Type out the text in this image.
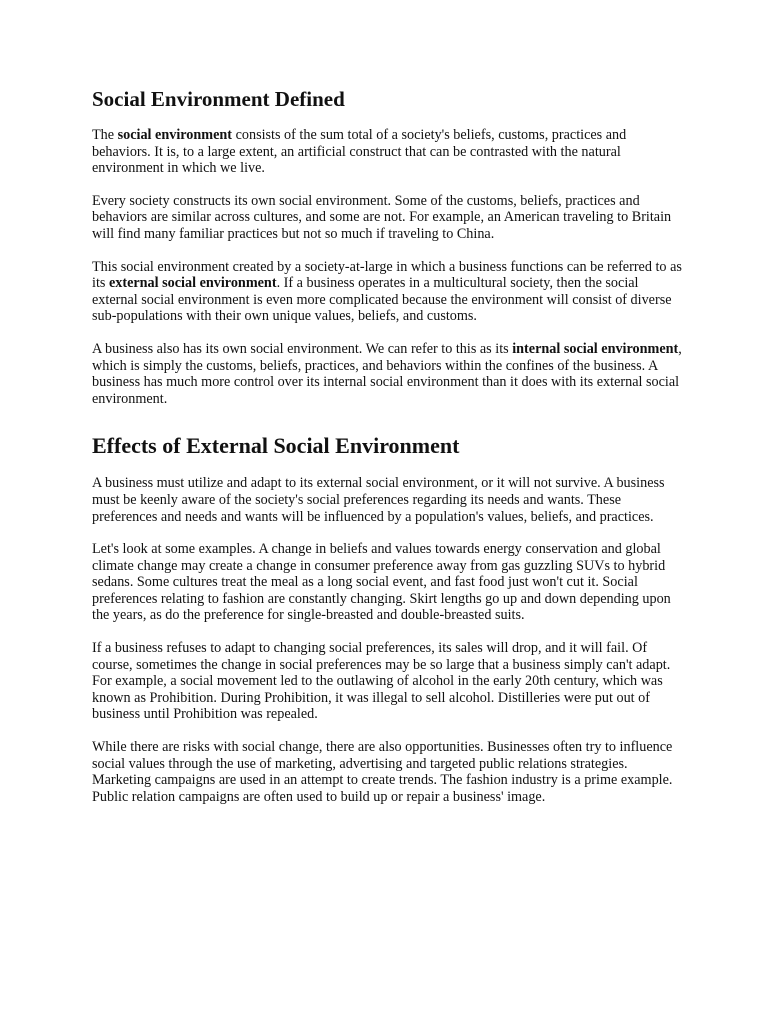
Social Environment Defined

The social environment consists of the sum total of a society's beliefs, customs, practices and behaviors. It is, to a large extent, an artificial construct that can be contrasted with the natural environment in which we live.

Every society constructs its own social environment. Some of the customs, beliefs, practices and behaviors are similar across cultures, and some are not. For example, an American traveling to Britain will find many familiar practices but not so much if traveling to China.

This social environment created by a society-at-large in which a business functions can be referred to as its external social environment. If a business operates in a multicultural society, then the social external social environment is even more complicated because the environment will consist of diverse sub-populations with their own unique values, beliefs, and customs.

A business also has its own social environment. We can refer to this as its internal social environment, which is simply the customs, beliefs, practices, and behaviors within the confines of the business. A business has much more control over its internal social environment than it does with its external social environment.

Effects of External Social Environment

A business must utilize and adapt to its external social environment, or it will not survive. A business must be keenly aware of the society's social preferences regarding its needs and wants. These preferences and needs and wants will be influenced by a population's values, beliefs, and practices.

Let's look at some examples. A change in beliefs and values towards energy conservation and global climate change may create a change in consumer preference away from gas guzzling SUVs to hybrid sedans. Some cultures treat the meal as a long social event, and fast food just won't cut it. Social preferences relating to fashion are constantly changing. Skirt lengths go up and down depending upon the years, as do the preference for single-breasted and double-breasted suits.

If a business refuses to adapt to changing social preferences, its sales will drop, and it will fail. Of course, sometimes the change in social preferences may be so large that a business simply can't adapt. For example, a social movement led to the outlawing of alcohol in the early 20th century, which was known as Prohibition. During Prohibition, it was illegal to sell alcohol. Distilleries were put out of business until Prohibition was repealed.

While there are risks with social change, there are also opportunities. Businesses often try to influence social values through the use of marketing, advertising and targeted public relations strategies. Marketing campaigns are used in an attempt to create trends. The fashion industry is a prime example. Public relation campaigns are often used to build up or repair a business' image.
